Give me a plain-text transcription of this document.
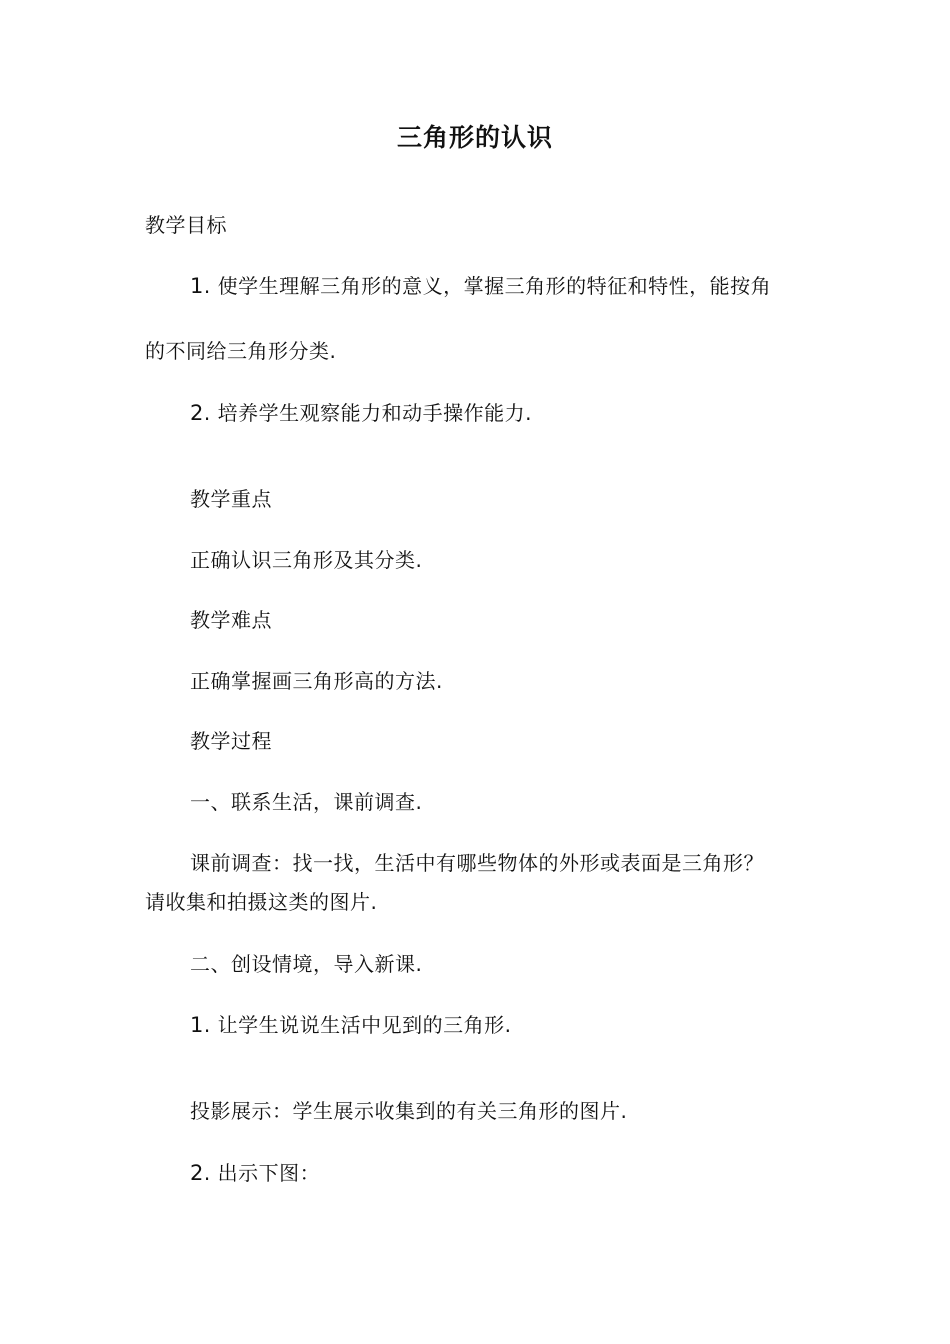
三角形的认识
教学目标
1. 使学生理解三角形的意义，掌握三角形的特征和特性，能按角
的不同给三角形分类.
2. 培养学生观察能力和动手操作能力.
教学重点
正确认识三角形及其分类.
教学难点
正确掌握画三角形高的方法.
教学过程
一、联系生活，课前调查.
课前调查：找一找，生活中有哪些物体的外形或表面是三角形？
请收集和拍摄这类的图片.
二、创设情境，导入新课.
1. 让学生说说生活中见到的三角形.
投影展示：学生展示收集到的有关三角形的图片.
2. 出示下图：
